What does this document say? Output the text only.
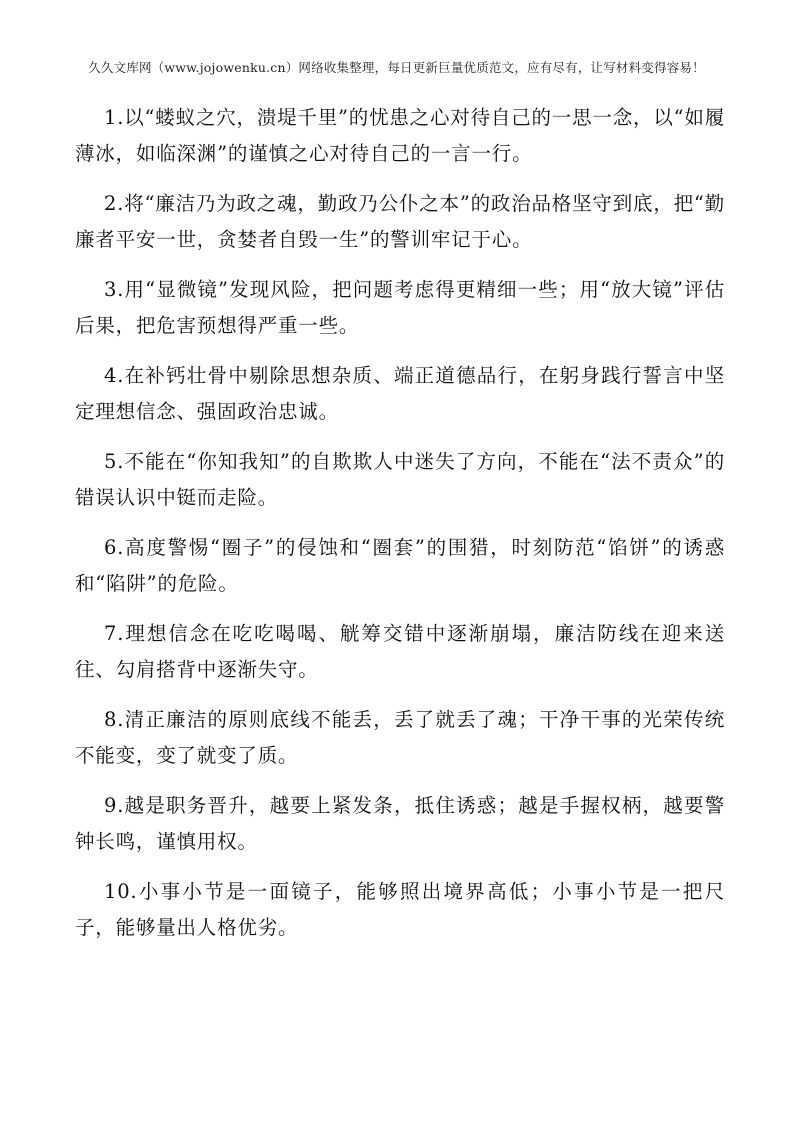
久久文库网（www.jojowenku.cn）网络收集整理，每日更新巨量优质范文，应有尽有，让写材料变得容易！

1.以“蝼蚁之穴，溃堤千里”的忧患之心对待自己的一思一念，以“如履薄冰，如临深渊”的谨慎之心对待自己的一言一行。

2.将“廉洁乃为政之魂，勤政乃公仆之本”的政治品格坚守到底，把“勤廉者平安一世，贪婪者自毁一生”的警训牢记于心。

3.用“显微镜”发现风险，把问题考虑得更精细一些；用“放大镜”评估后果，把危害预想得严重一些。

4.在补钙壮骨中剔除思想杂质、端正道德品行，在躬身践行誓言中坚定理想信念、强固政治忠诚。

5.不能在“你知我知”的自欺欺人中迷失了方向，不能在“法不责众”的错误认识中铤而走险。

6.高度警惕“圈子”的侵蚀和“圈套”的围猎，时刻防范“馅饼”的诱惑和“陷阱”的危险。

7.理想信念在吃吃喝喝、觥筹交错中逐渐崩塌，廉洁防线在迎来送往、勾肩搭背中逐渐失守。

8.清正廉洁的原则底线不能丢，丢了就丢了魂；干净干事的光荣传统不能变，变了就变了质。

9.越是职务晋升，越要上紧发条，抵住诱惑；越是手握权柄，越要警钟长鸣，谨慎用权。

10.小事小节是一面镜子，能够照出境界高低；小事小节是一把尺子，能够量出人格优劣。
